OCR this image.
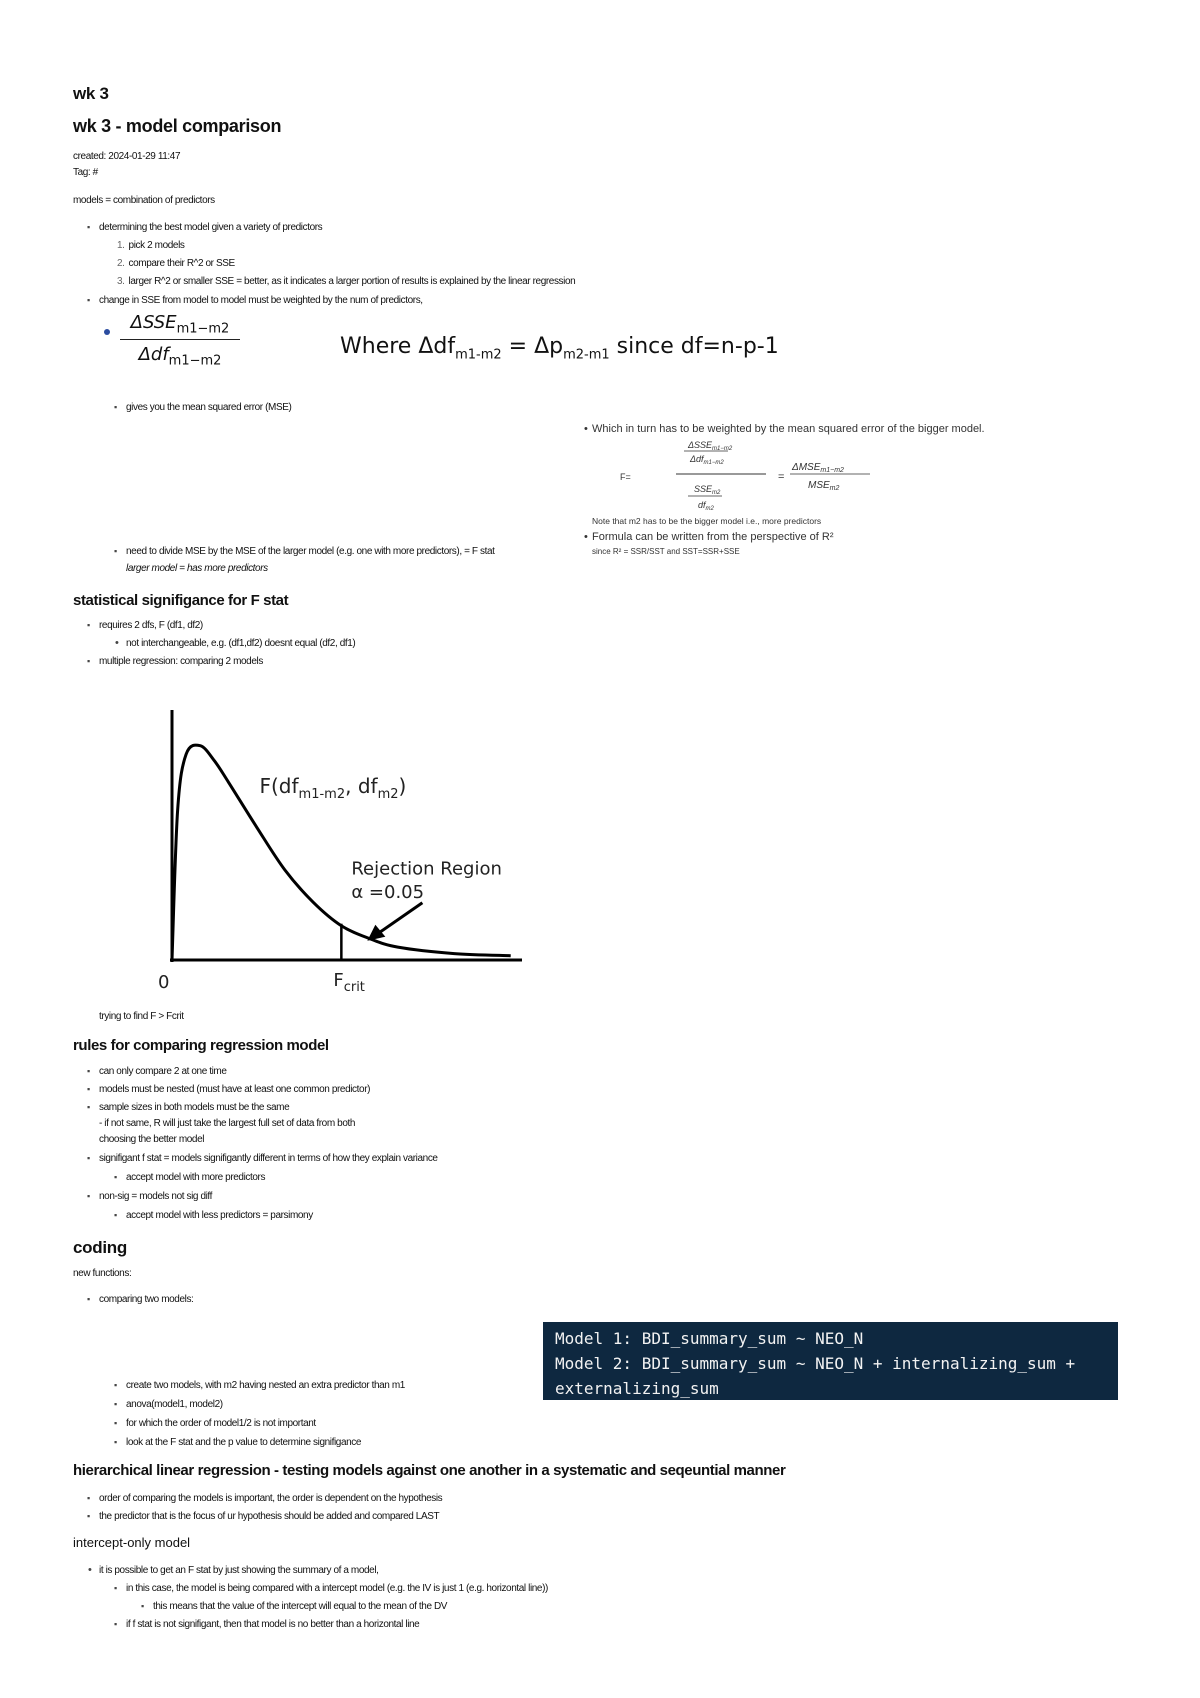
wk 3
wk 3 - model comparison
created: 2024-01-29 11:47
Tag: #
models = combination of predictors
▪ determining the best model given a variety of predictors
1. pick 2 models
2. compare their R^2 or SSE
3. larger R^2 or smaller SSE = better, as it indicates a larger portion of results is explained by the linear regression
▪ change in SSE from model to model must be weighted by the num of predictors,
▪ gives you the mean squared error (MSE)
▪ need to divide MSE by the MSE of the larger model (e.g. one with more predictors), = F stat
larger model = has more predictors
statistical signifigance for F stat
▪ requires 2 dfs, F (df1, df2)
• not interchangeable, e.g. (df1,df2) doesnt equal (df2, df1)
▪ multiple regression: comparing 2 models
trying to find F > Fcrit
rules for comparing regression model
▪ can only compare 2 at one time
▪ models must be nested (must have at least one common predictor)
▪ sample sizes in both models must be the same
- if not same, R will just take the largest full set of data from both
choosing the better model
▪ signifigant f stat = models signifigantly different in terms of how they explain variance
▪ accept model with more predictors
▪ non-sig = models not sig diff
▪ accept model with less predictors = parsimony
coding
new functions:
▪ comparing two models:
▪ create two models, with m2 having nested an extra predictor than m1
▪ anova(model1, model2)
▪ for which the order of model1/2 is not important
▪ look at the F stat and the p value to determine signifigance
hierarchical linear regression - testing models against one another in a systematic and seqeuntial manner
▪ order of comparing the models is important, the order is dependent on the hypothesis
▪ the predictor that is the focus of ur hypothesis should be added and compared LAST
intercept-only model
• it is possible to get an F stat by just showing the summary of a model,
▪ in this case, the model is being compared with a intercept model (e.g. the IV is just 1 (e.g. horizontal line))
▪ this means that the value of the intercept will equal to the mean of the DV
▪ if f stat is not signifigant, then that model is no better than a horizontal line
Model 1: BDI_summary_sum ~ NEO_N
Model 2: BDI_summary_sum ~ NEO_N + internalizing_sum +
externalizing_sum
$\Delta SSE_{m1-m2}$
Δdf$_{m1-m2}$
Where $\Delta df_{m1-m2} = \Delta p_{m2-m1}$ since df=n-p-1
• Which in turn has to be weighted by the mean squared error of the bigger model.
F=
$\Delta SSE_{m1-m2}$
Δdf$_{m1-m2}$
$SSE_{m2}$
$df_{m2}$
=
$\Delta MSE_{m1-m2}$
$MSE_{m2}$
Note that m2 has to be the bigger model i.e., more predictors
• Formula can be written from the perspective of R²
since R² = SSR/SST and SST=SSR+SSE
$F(df_{m1-m2}$, $df_{m2}$)
Rejection Region
α =0.05
0	$F_{crit}$
